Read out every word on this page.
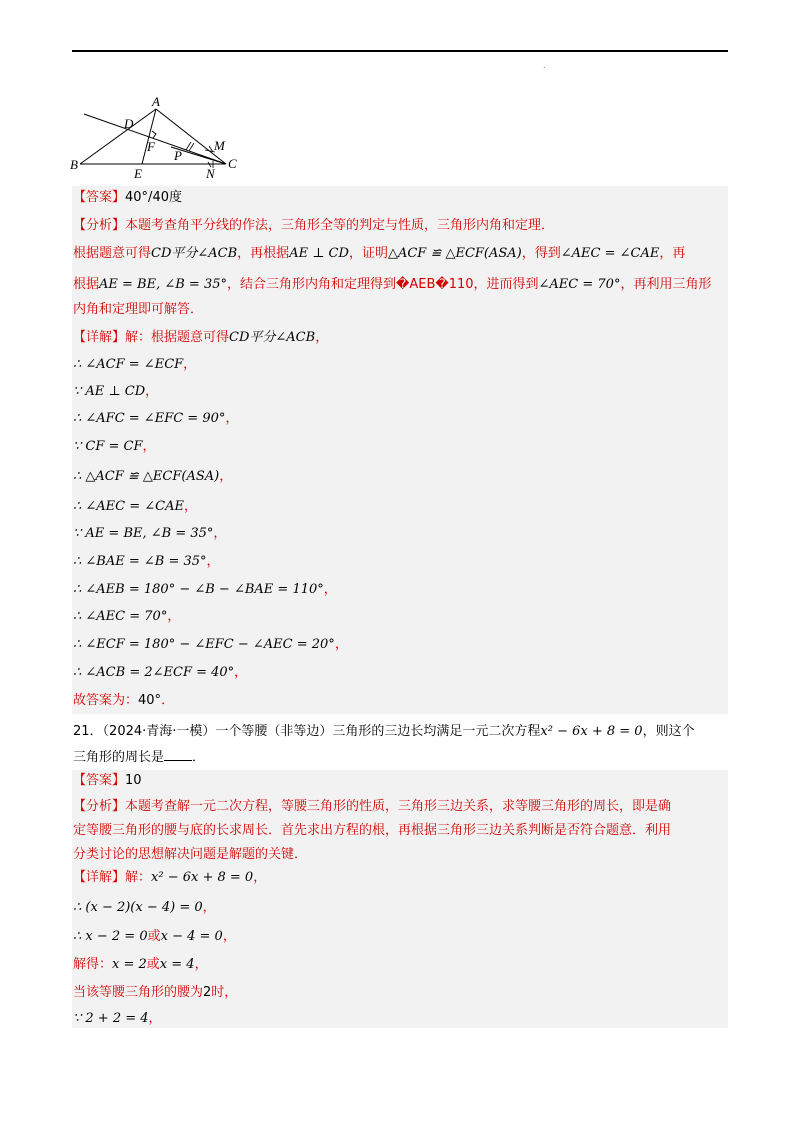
.
A
B	C
D
E
F	M
N
P
【答案】40°/40度
【分析】本题考查角平分线的作法，三角形全等的判定与性质，三角形内角和定理．
根据题意可得CD平分∠ACB，再根据AE ⊥ CD，证明△ACF ≌ △ECF(ASA)，得到∠AEC = ∠CAE，再
根据AE = BE, ∠B = 35°，结合三角形内角和定理得到�AEB�110，进而得到∠AEC = 70°，再利用三角形
内角和定理即可解答．
【详解】解：根据题意可得CD平分∠ACB，
∴ ∠ACF = ∠ECF，
∵ AE ⊥ CD，
∴ ∠AFC = ∠EFC = 90°，
∵ CF = CF，
∴ △ACF ≌ △ECF(ASA)，
∴ ∠AEC = ∠CAE，
∵ AE = BE, ∠B = 35°，
∴ ∠BAE = ∠B = 35°，
∴ ∠AEB = 180° − ∠B − ∠BAE = 110°，
∴ ∠AEC = 70°，
∴ ∠ECF = 180° − ∠EFC − ∠AEC = 20°，
∴ ∠ACB = 2∠ECF = 40°，
故答案为：40°．
21．（2024·青海·一模）一个等腰（非等边）三角形的三边长均满足一元二次方程x² − 6x + 8 = 0，则这个
三角形的周长是 ．
【答案】10
【分析】本题考查解一元二次方程，等腰三角形的性质，三角形三边关系，求等腰三角形的周长，即是确
定等腰三角形的腰与底的长求周长．首先求出方程的根，再根据三角形三边关系判断是否符合题意．利用
分类讨论的思想解决问题是解题的关键．
【详解】解：x² − 6x + 8 = 0，
∴ (x − 2)(x − 4) = 0，
∴ x − 2 = 0或x − 4 = 0，
解得：x = 2或x = 4，
当该等腰三角形的腰为2时，
∵ 2 + 2 = 4，
